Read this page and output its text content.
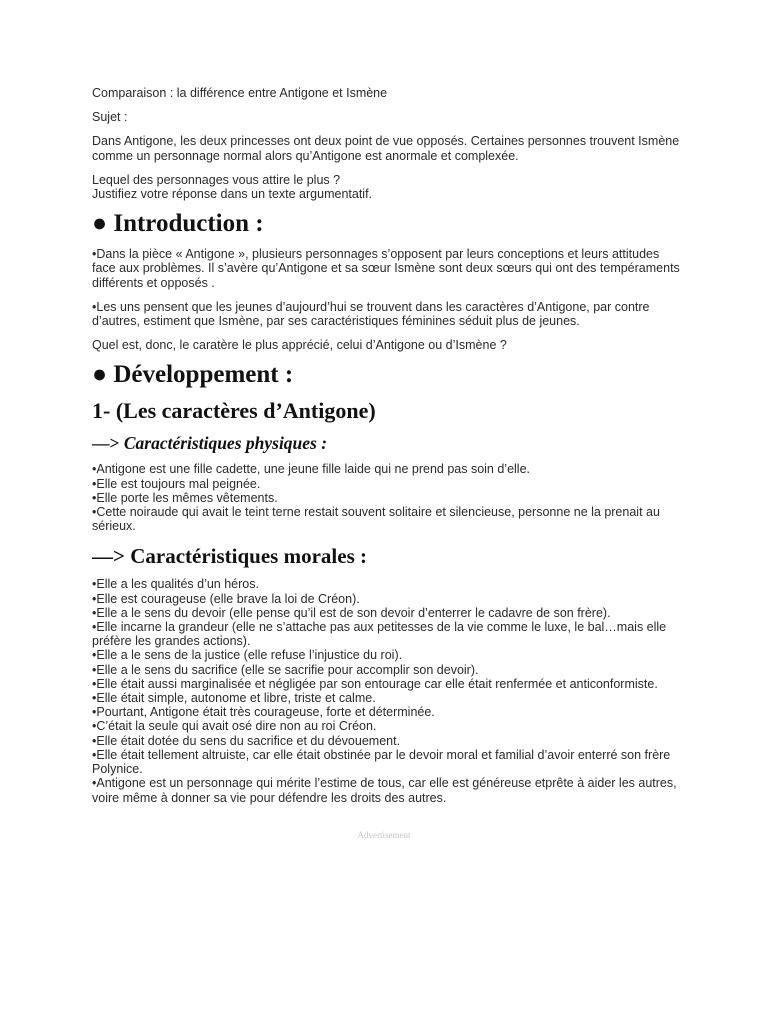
Comparaison : la différence entre Antigone et Ismène

Sujet :

Dans Antigone, les deux princesses ont deux point de vue opposés. Certaines personnes trouvent Ismène comme un personnage normal alors qu’Antigone est anormale et complexée.

Lequel des personnages vous attire le plus ?
Justifiez votre réponse dans un texte argumentatif.

● Introduction :

•Dans la pièce « Antigone », plusieurs personnages s’opposent par leurs conceptions et leurs attitudes face aux problèmes. Il s’avère qu’Antigone et sa sœur Ismène sont deux sœurs qui ont des tempéraments différents et opposés .

•Les uns pensent que les jeunes d’aujourd’hui se trouvent dans les caractères d’Antigone, par contre d’autres, estiment que Ismène, par ses caractéristiques féminines séduit plus de jeunes.

Quel est, donc, le caratère le plus apprécié, celui d’Antigone ou d’Ismène ?

● Développement :
1- (Les caractères d’Antigone)
—> Caractéristiques physiques :
•Antigone est une fille cadette, une jeune fille laide qui ne prend pas soin d’elle.
•Elle est toujours mal peignée.
•Elle porte les mêmes vêtements.
•Cette noiraude qui avait le teint terne restait souvent solitaire et silencieuse, personne ne la prenait au sérieux.
—> Caractéristiques morales :
•Elle a les qualités d’un héros.
•Elle est courageuse (elle brave la loi de Créon).
•Elle a le sens du devoir (elle pense qu’il est de son devoir d’enterrer le cadavre de son frère).
•Elle incarne la grandeur (elle ne s’attache pas aux petitesses de la vie comme le luxe, le bal…mais elle préfère les grandes actions).
•Elle a le sens de la justice (elle refuse l’injustice du roi).
•Elle a le sens du sacrifice (elle se sacrifie pour accomplir son devoir).
•Elle était aussi marginalisée et négligée par son entourage car elle était renfermée et anticonformiste.
•Elle était simple, autonome et libre, triste et calme.
•Pourtant, Antigone était très courageuse, forte et déterminée.
•C’était la seule qui avait osé dire non au roi Créon.
•Elle était dotée du sens du sacrifice et du dévouement.
•Elle était tellement altruiste, car elle était obstinée par le devoir moral et familial d’avoir enterré son frère Polynice.
•Antigone est un personnage qui mérite l’estime de tous, car elle est généreuse etprête à aider les autres, voire même à donner sa vie pour défendre les droits des autres.
Advertisement
